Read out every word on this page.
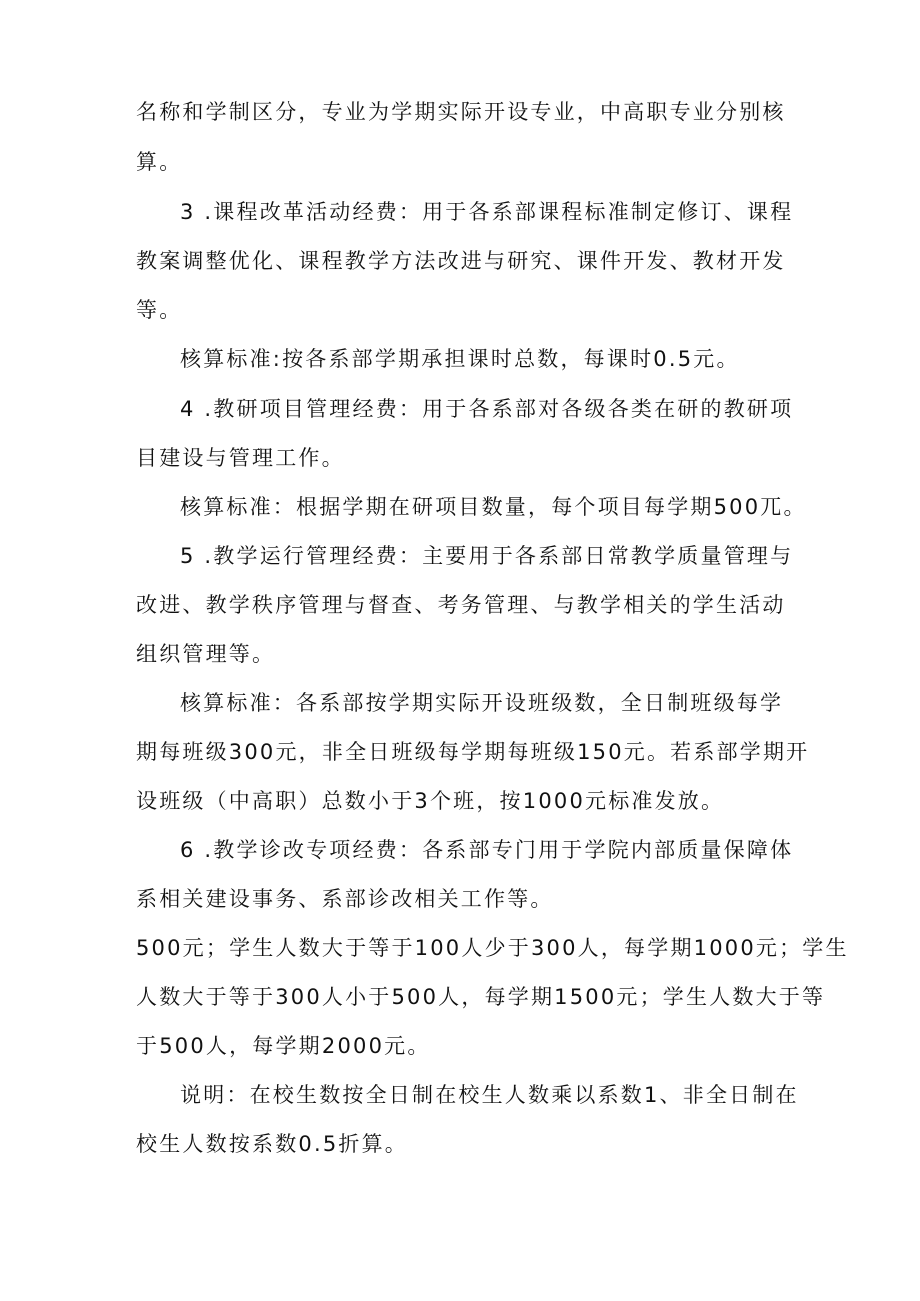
名称和学制区分，专业为学期实际开设专业，中高职专业分别核
算。
3 .课程改革活动经费：用于各系部课程标准制定修订、课程
教案调整优化、课程教学方法改进与研究、课件开发、教材开发
等。
核算标准:按各系部学期承担课时总数，每课时0.5元。
4 .教研项目管理经费：用于各系部对各级各类在研的教研项
目建设与管理工作。
核算标准：根据学期在研项目数量，每个项目每学期500兀。
5 .教学运行管理经费：主要用于各系部日常教学质量管理与
改进、教学秩序管理与督查、考务管理、与教学相关的学生活动
组织管理等。
核算标准：各系部按学期实际开设班级数，全日制班级每学
期每班级300元，非全日班级每学期每班级150元。若系部学期开
设班级（中高职）总数小于3个班，按1000元标准发放。
6 .教学诊改专项经费：各系部专门用于学院内部质量保障体
系相关建设事务、系部诊改相关工作等。
500元；学生人数大于等于100人少于300人，每学期1000元；学生
人数大于等于300人小于500人，每学期1500元；学生人数大于等
于500人，每学期2000元。
说明：在校生数按全日制在校生人数乘以系数1、非全日制在
校生人数按系数0.5折算。
